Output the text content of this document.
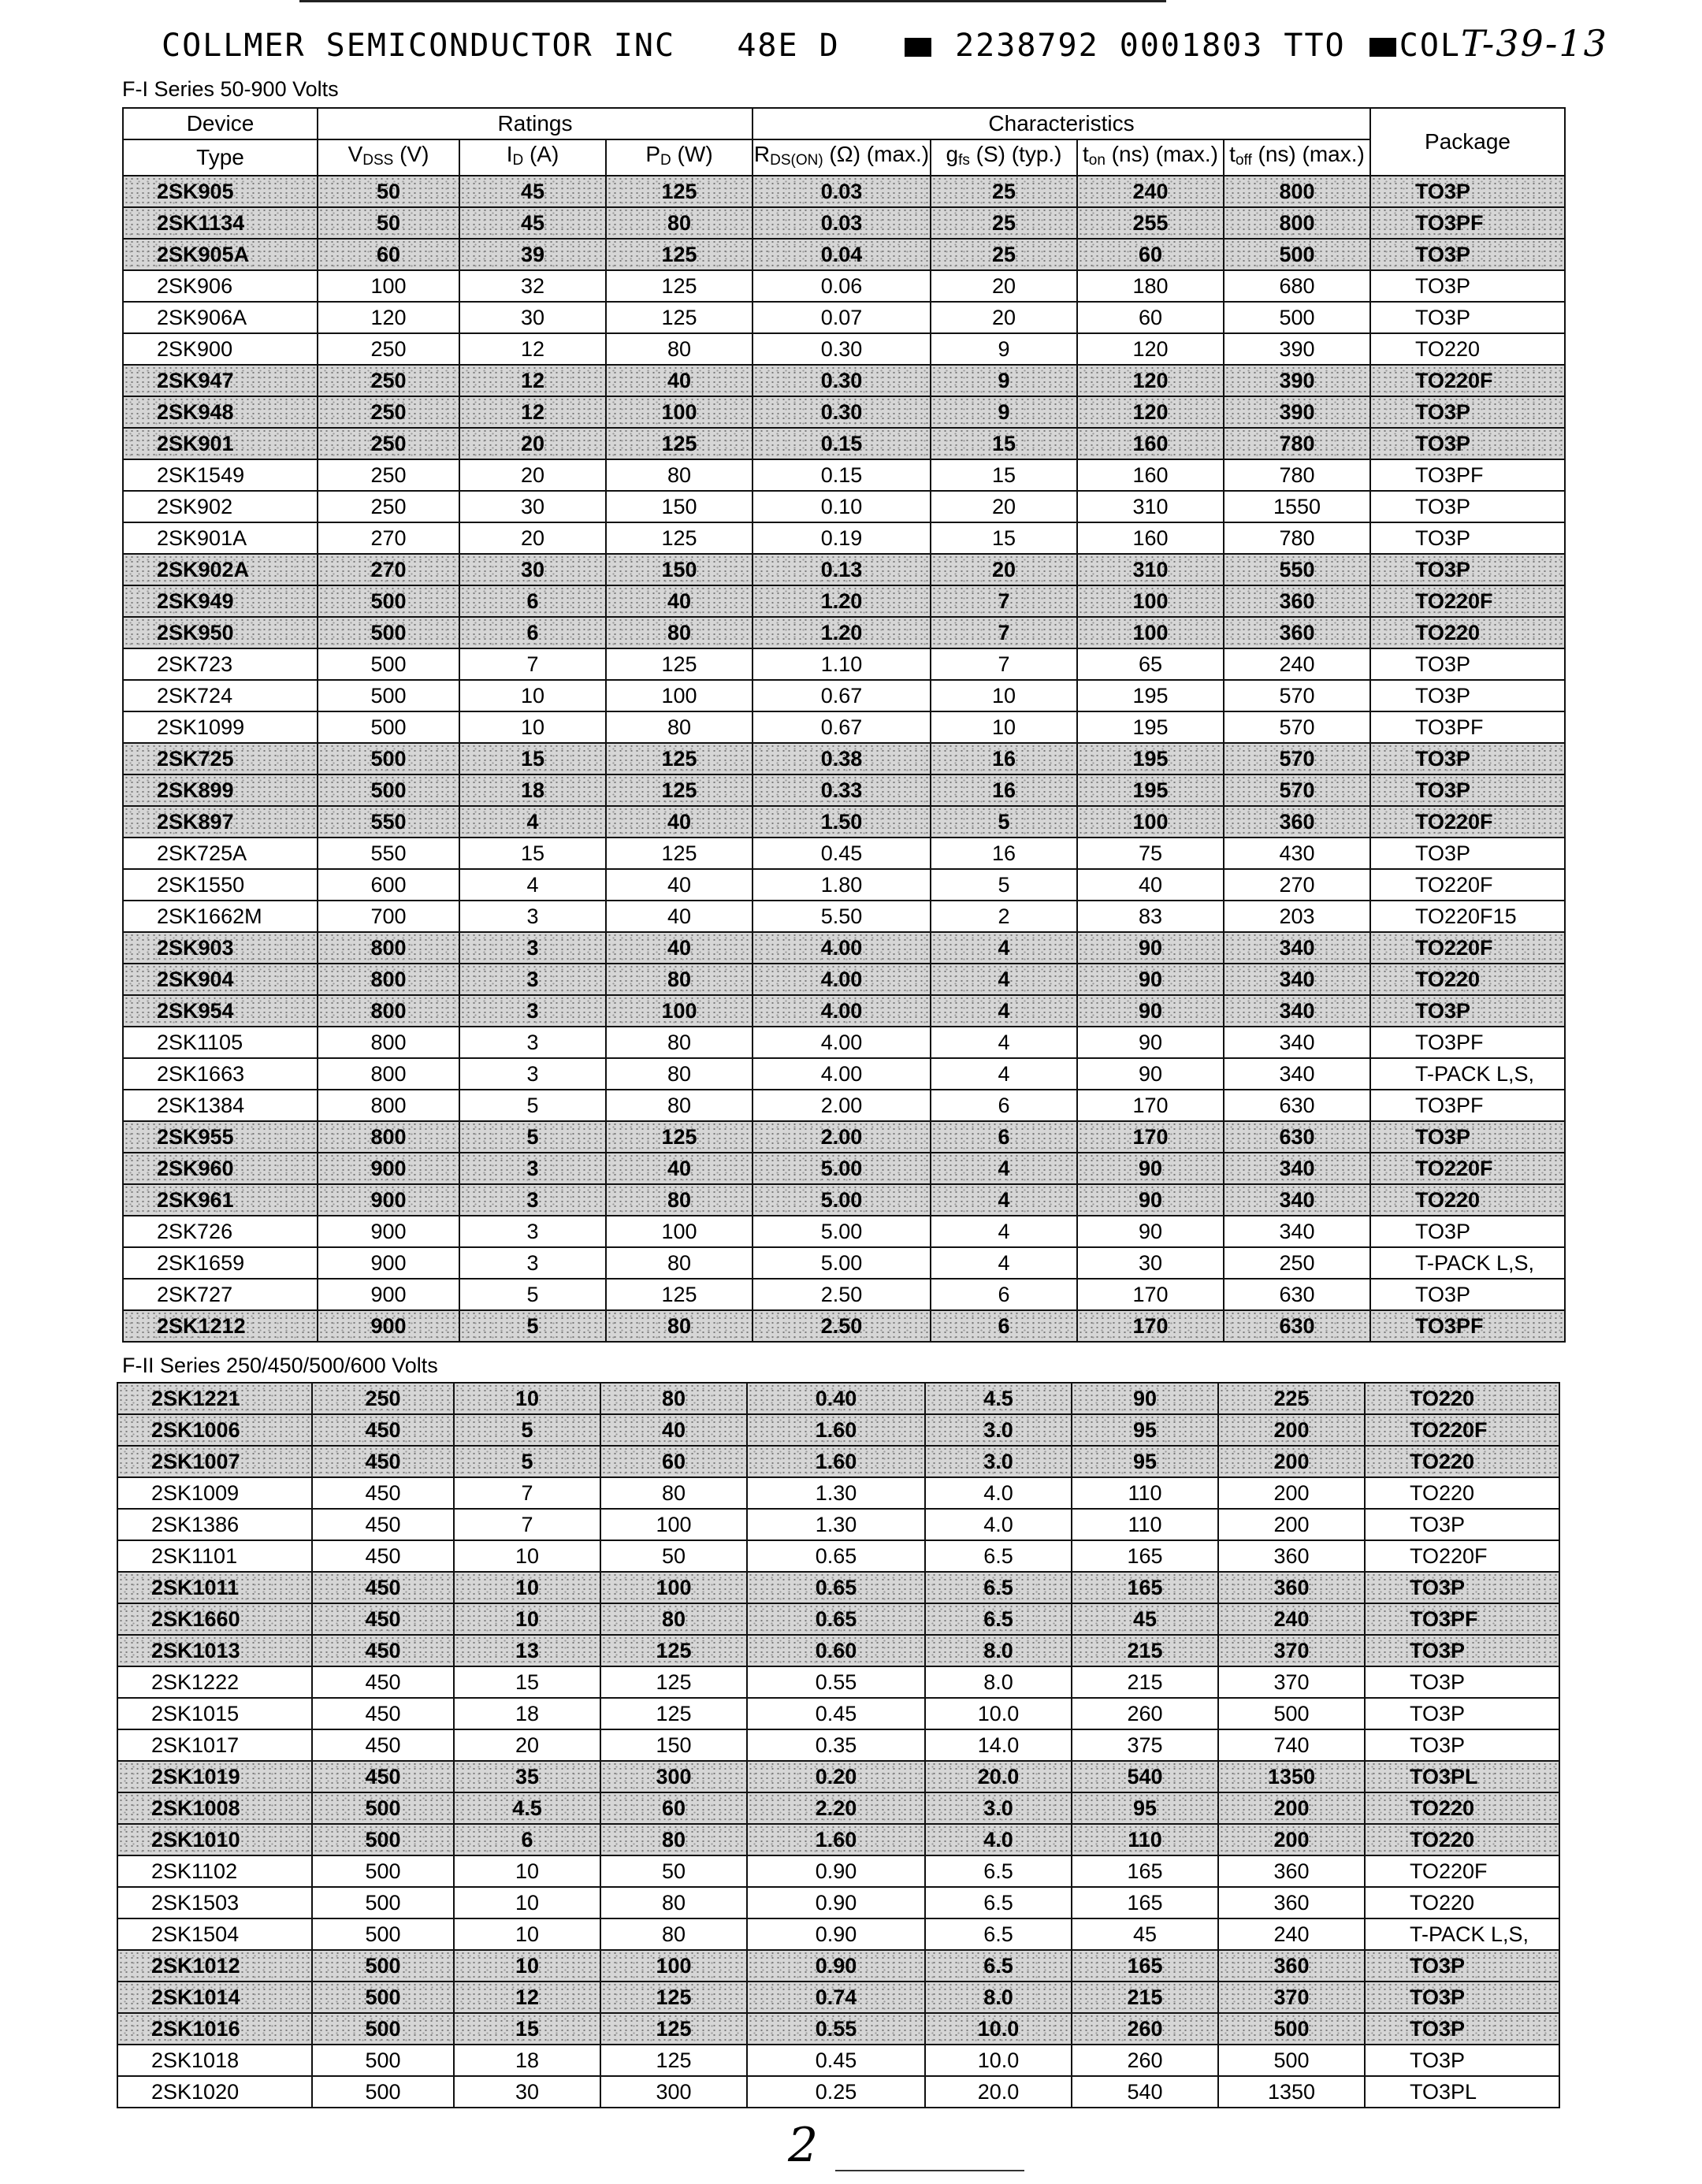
COLLMER SEMICONDUCTOR INC 48E D	2238792 0001803 TTO COLT-39-13
F-I Series 50-900 Volts
Device	Ratings			Characteristics				Package
Type	$V_{DSS}$ (V)	$I_D$ (A)	$P_D$ (W)	$R_{DS(ON)}$ (Ω) (max.)	$g_{fs}$ (S) (typ.)	$t_{on}$ (ns) (max.)	$t_{off}$ (ns) (max.)	
2SK905	50	45	125	0.03	25	240	800	TO3P
2SK1134	50	45	80	0.03	25	255	800	TO3PF
2SK905A	60	39	125	0.04	25	60	500	TO3P
2SK906	100	32	125	0.06	20	180	680	TO3P
2SK906A	120	30	125	0.07	20	60	500	TO3P
2SK900	250	12	80	0.30	9	120	390	TO220
2SK947	250	12	40	0.30	9	120	390	TO220F
2SK948	250	12	100	0.30	9	120	390	TO3P
2SK901	250	20	125	0.15	15	160	780	TO3P
2SK1549	250	20	80	0.15	15	160	780	TO3PF
2SK902	250	30	150	0.10	20	310	1550	TO3P
2SK901A	270	20	125	0.19	15	160	780	TO3P
2SK902A	270	30	150	0.13	20	310	550	TO3P
2SK949	500	6	40	1.20	7	100	360	TO220F
2SK950	500	6	80	1.20	7	100	360	TO220
2SK723	500	7	125	1.10	7	65	240	TO3P
2SK724	500	10	100	0.67	10	195	570	TO3P
2SK1099	500	10	80	0.67	10	195	570	TO3PF
2SK725	500	15	125	0.38	16	195	570	TO3P
2SK899	500	18	125	0.33	16	195	570	TO3P
2SK897	550	4	40	1.50	5	100	360	TO220F
2SK725A	550	15	125	0.45	16	75	430	TO3P
2SK1550	600	4	40	1.80	5	40	270	TO220F
2SK1662M	700	3	40	5.50	2	83	203	TO220F15
2SK903	800	3	40	4.00	4	90	340	TO220F
2SK904	800	3	80	4.00	4	90	340	TO220
2SK954	800	3	100	4.00	4	90	340	TO3P
2SK1105	800	3	80	4.00	4	90	340	TO3PF
2SK1663	800	3	80	4.00	4	90	340	T-PACK L,S,
2SK1384	800	5	80	2.00	6	170	630	TO3PF
2SK955	800	5	125	2.00	6	170	630	TO3P
2SK960	900	3	40	5.00	4	90	340	TO220F
2SK961	900	3	80	5.00	4	90	340	TO220
2SK726	900	3	100	5.00	4	90	340	TO3P
2SK1659	900	3	80	5.00	4	30	250	T-PACK L,S,
2SK727	900	5	125	2.50	6	170	630	TO3P
2SK1212	900	5	80	2.50	6	170	630	TO3PF
F-II Series 250/450/500/600 Volts
2SK1221	250	10	80	0.40	4.5	90	225	TO220
2SK1006	450	5	40	1.60	3.0	95	200	TO220F
2SK1007	450	5	60	1.60	3.0	95	200	TO220
2SK1009	450	7	80	1.30	4.0	110	200	TO220
2SK1386	450	7	100	1.30	4.0	110	200	TO3P
2SK1101	450	10	50	0.65	6.5	165	360	TO220F
2SK1011	450	10	100	0.65	6.5	165	360	TO3P
2SK1660	450	10	80	0.65	6.5	45	240	TO3PF
2SK1013	450	13	125	0.60	8.0	215	370	TO3P
2SK1222	450	15	125	0.55	8.0	215	370	TO3P
2SK1015	450	18	125	0.45	10.0	260	500	TO3P
2SK1017	450	20	150	0.35	14.0	375	740	TO3P
2SK1019	450	35	300	0.20	20.0	540	1350	TO3PL
2SK1008	500	4.5	60	2.20	3.0	95	200	TO220
2SK1010	500	6	80	1.60	4.0	110	200	TO220
2SK1102	500	10	50	0.90	6.5	165	360	TO220F
2SK1503	500	10	80	0.90	6.5	165	360	TO220
2SK1504	500	10	80	0.90	6.5	45	240	T-PACK L,S,
2SK1012	500	10	100	0.90	6.5	165	360	TO3P
2SK1014	500	12	125	0.74	8.0	215	370	TO3P
2SK1016	500	15	125	0.55	10.0	260	500	TO3P
2SK1018	500	18	125	0.45	10.0	260	500	TO3P
2SK1020	500	30	300	0.25	20.0	540	1350	TO3PL
2
